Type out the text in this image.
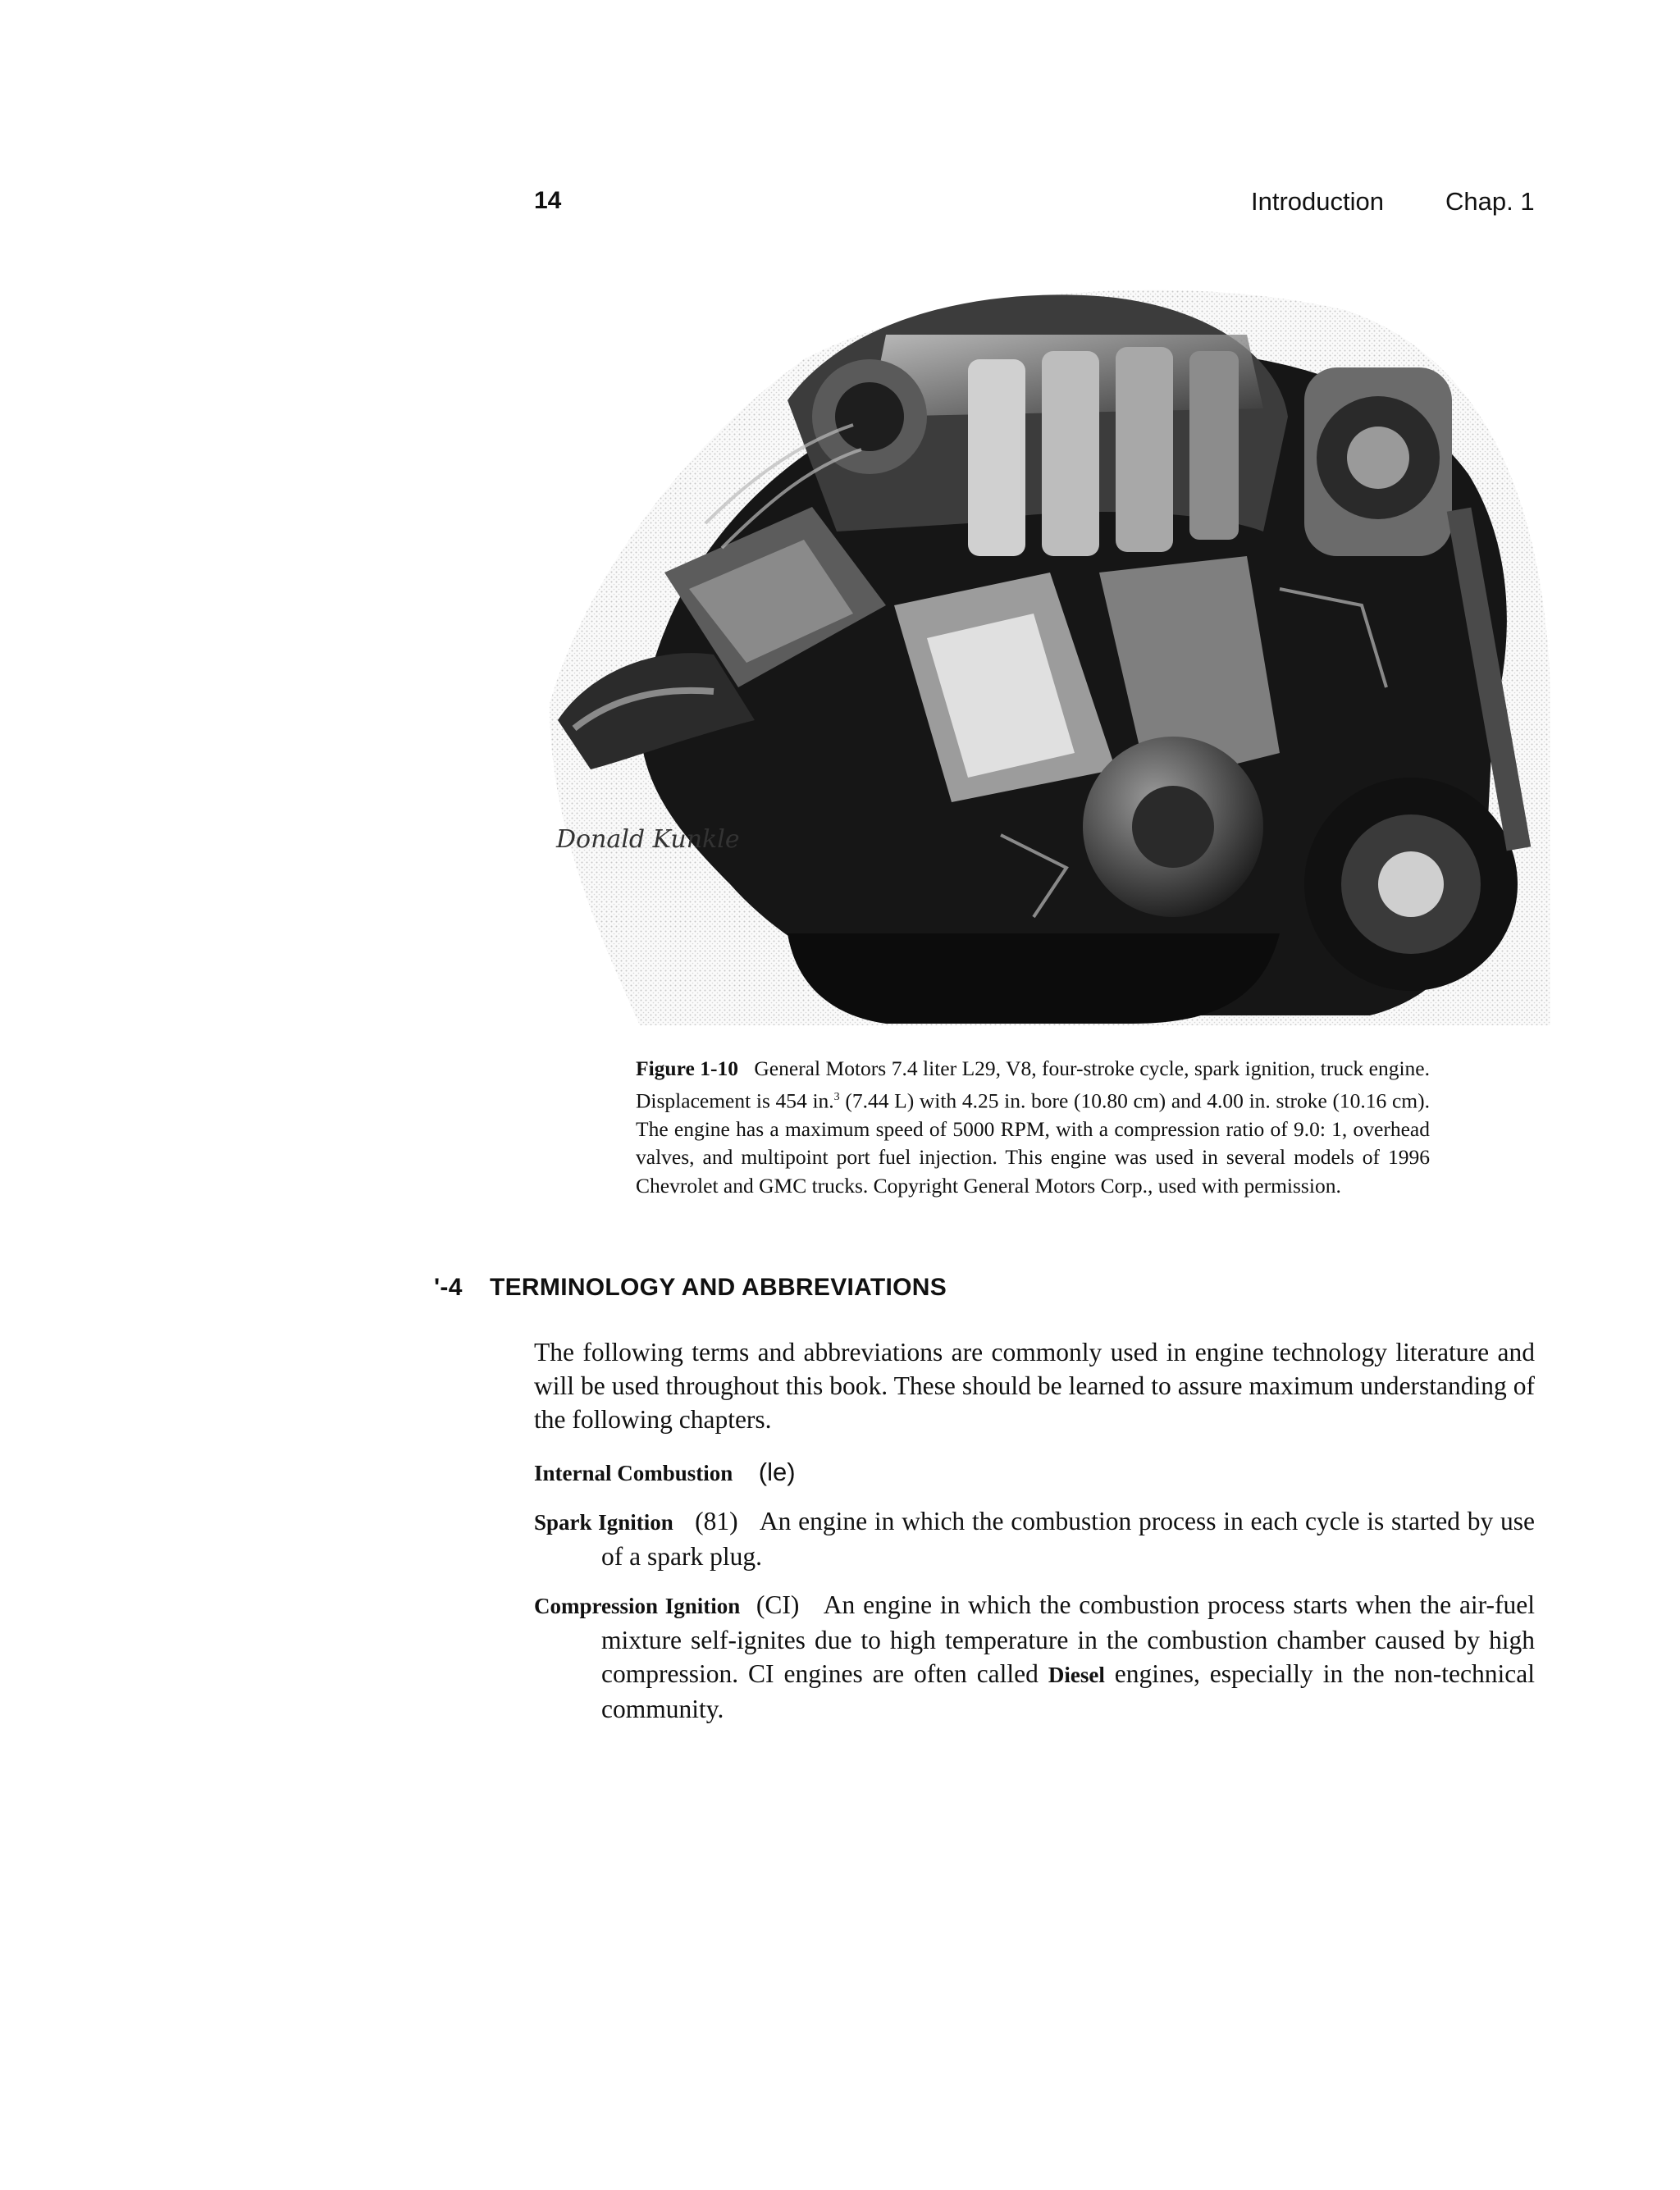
14	Introduction Chap. 1
Donald Kunkle
Figure 1-10 General Motors 7.4 liter L29, V8, four-stroke cycle, spark ignition, truck engine. Displacement is 454 in.$^3$ (7.44 L) with 4.25 in. bore (10.80 cm) and 4.00 in. stroke (10.16 cm). The engine has a maximum speed of 5000 RPM, with a compression ratio of 9.0: 1, overhead valves, and multipoint port fuel injection. This engine was used in several models of 1996 Chevrolet and GMC trucks. Copyright General Motors Corp., used with permission.
'-4 TERMINOLOGY AND ABBREVIATIONS
The following terms and abbreviations are commonly used in engine technology literature and will be used throughout this book. These should be learned to assure maximum understanding of the following chapters.
Internal Combustion (le)
Spark Ignition (81) An engine in which the combustion process in each cycle is started by use of a spark plug.
Compression Ignition (CI) An engine in which the combustion process starts when the air-fuel mixture self-ignites due to high temperature in the combustion chamber caused by high compression. CI engines are often called Diesel engines, especially in the non-technical community.
